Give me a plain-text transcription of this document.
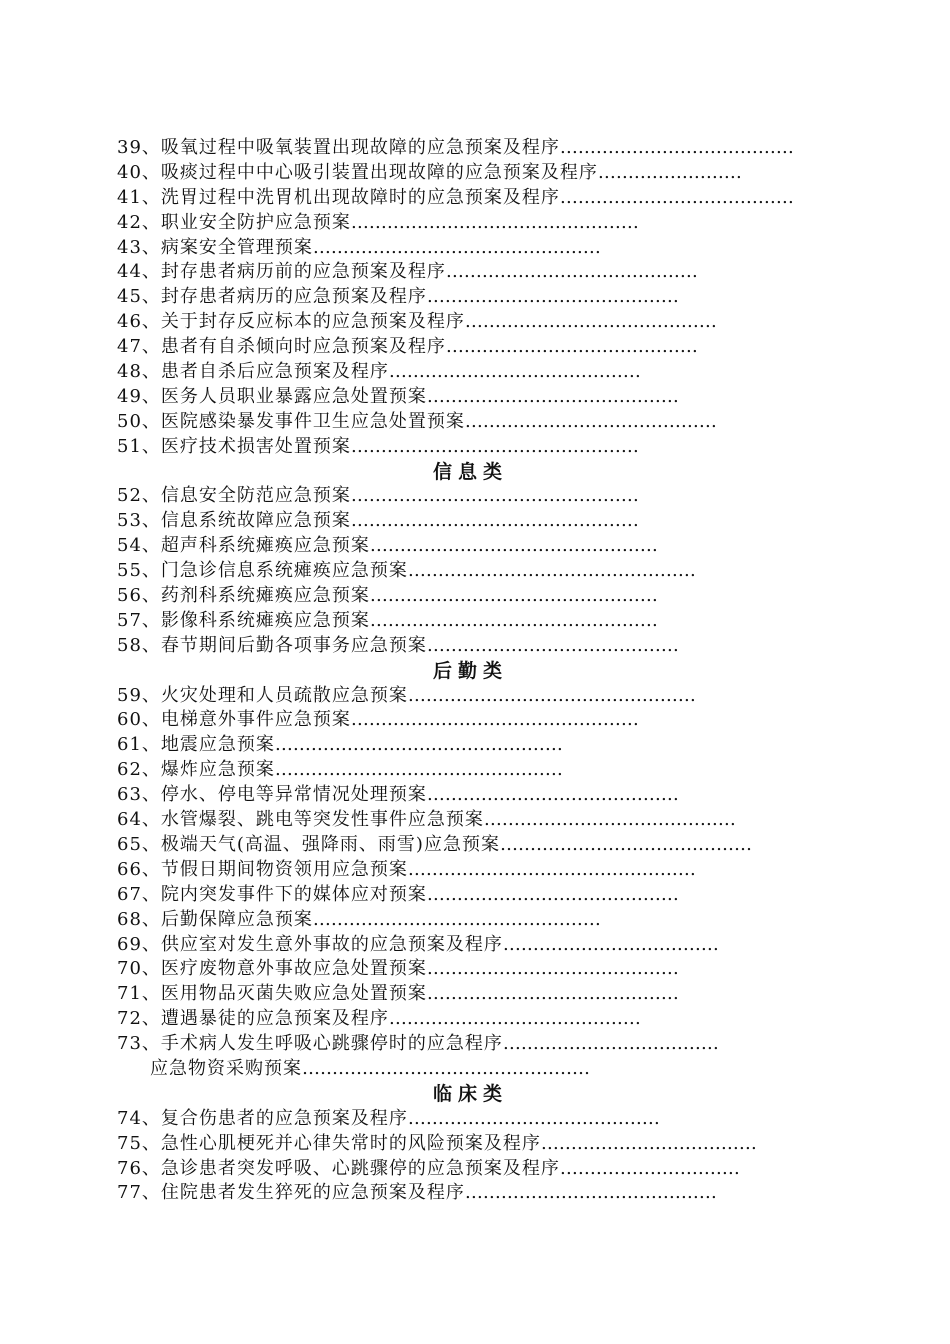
39、吸氧过程中吸氧装置出现故障的应急预案及程序…………………………………
40、吸痰过程中中心吸引装置出现故障的应急预案及程序……………………
41、洗胃过程中洗胃机出现故障时的应急预案及程序…………………………………
42、职业安全防护应急预案…………………………………………
43、病案安全管理预案…………………………………………
44、封存患者病历前的应急预案及程序……………………………………
45、封存患者病历的应急预案及程序……………………………………
46、关于封存反应标本的应急预案及程序……………………………………
47、患者有自杀倾向时应急预案及程序……………………………………
48、患者自杀后应急预案及程序……………………………………
49、医务人员职业暴露应急处置预案……………………………………
50、医院感染暴发事件卫生应急处置预案……………………………………
51、医疗技术损害处置预案…………………………………………
信息类
52、信息安全防范应急预案…………………………………………
53、信息系统故障应急预案…………………………………………
54、超声科系统瘫痪应急预案…………………………………………
55、门急诊信息系统瘫痪应急预案…………………………………………
56、药剂科系统瘫痪应急预案…………………………………………
57、影像科系统瘫痪应急预案…………………………………………
58、春节期间后勤各项事务应急预案……………………………………
后勤类
59、火灾处理和人员疏散应急预案…………………………………………
60、电梯意外事件应急预案…………………………………………
61、地震应急预案…………………………………………
62、爆炸应急预案…………………………………………
63、停水、停电等异常情况处理预案……………………………………
64、水管爆裂、跳电等突发性事件应急预案……………………………………
65、极端天气(高温、强降雨、雨雪)应急预案……………………………………
66、节假日期间物资领用应急预案…………………………………………
67、院内突发事件下的媒体应对预案……………………………………
68、后勤保障应急预案…………………………………………
69、供应室对发生意外事故的应急预案及程序………………………………
70、医疗废物意外事故应急处置预案……………………………………
71、医用物品灭菌失败应急处置预案……………………………………
72、遭遇暴徒的应急预案及程序……………………………………
73、手术病人发生呼吸心跳骤停时的应急程序………………………………
应急物资采购预案…………………………………………
临床类
74、复合伤患者的应急预案及程序……………………………………
75、急性心肌梗死并心律失常时的风险预案及程序………………………………
76、急诊患者突发呼吸、心跳骤停的应急预案及程序…………………………
77、住院患者发生猝死的应急预案及程序……………………………………
